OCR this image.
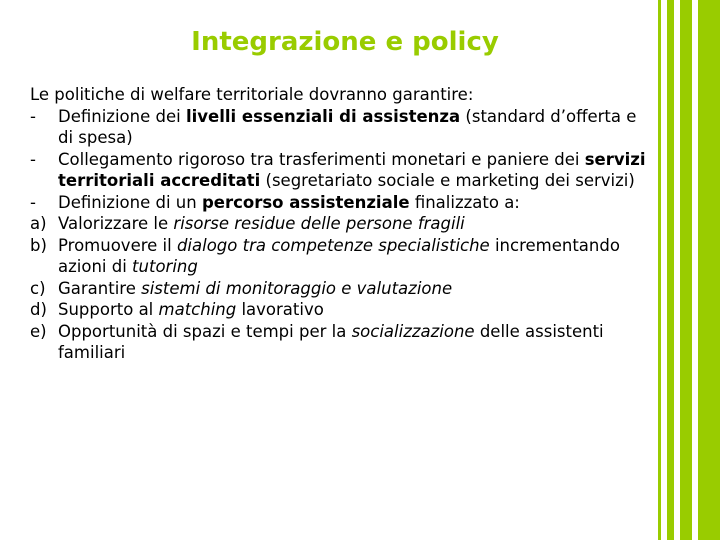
Integrazione e policy

Le politiche di welfare territoriale dovranno garantire:

-	Definizione dei livelli essenziali di assistenza (standard d’offerta e di spesa)
-	Collegamento rigoroso tra trasferimenti monetari e paniere dei servizi territoriali accreditati (segretariato sociale e marketing dei servizi)
-	Definizione di un percorso assistenziale finalizzato a:
a) Valorizzare le risorse residue delle persone fragili
b) Promuovere il dialogo tra competenze specialistiche incrementando azioni di tutoring
c) Garantire sistemi di monitoraggio e valutazione
d) Supporto al matching lavorativo
e) Opportunità di spazi e tempi per la socializzazione delle assistenti familiari
